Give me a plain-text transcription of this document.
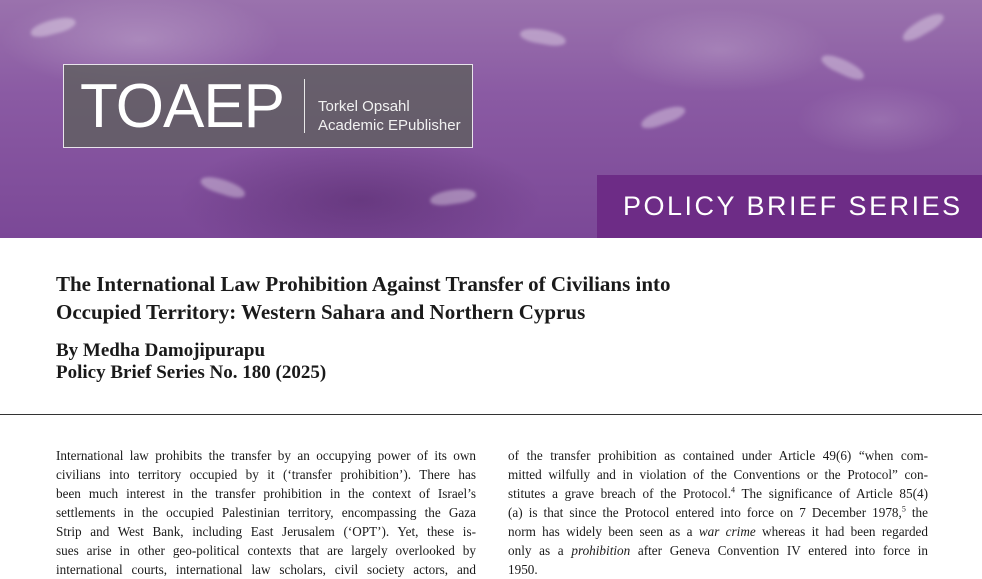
TOAEP Torkel Opsahl
Academic EPublisher
POLICY BRIEF SERIES
The International Law Prohibition Against Transfer of Civilians into
Occupied Territory: Western Sahara and Northern Cyprus
By Medha Damojipurapu
Policy Brief Series No. 180 (2025)
International law prohibits the transfer by an occupying power of its own
civilians into territory occupied by it (‘transfer prohibition’). There has
been much interest in the transfer prohibition in the context of Israel’s
settlements in the occupied Palestinian territory, encompassing the Gaza
Strip and West Bank, including East Jerusalem (‘OPT’). Yet, these is-
sues arise in other geo-political contexts that are largely overlooked by
international courts, international law scholars, civil society actors, and
of the transfer prohibition as contained under Article 49(6) “when com-
mitted wilfully and in violation of the Conventions or the Protocol” con-
stitutes a grave breach of the Protocol.$^4$ The significance of Article 85(4)
(a) is that since the Protocol entered into force on 7 December 1978,$^5$ the
norm has widely been seen as a war crime whereas it had been regarded
only as a prohibition after Geneva Convention IV entered into force in
1950.
